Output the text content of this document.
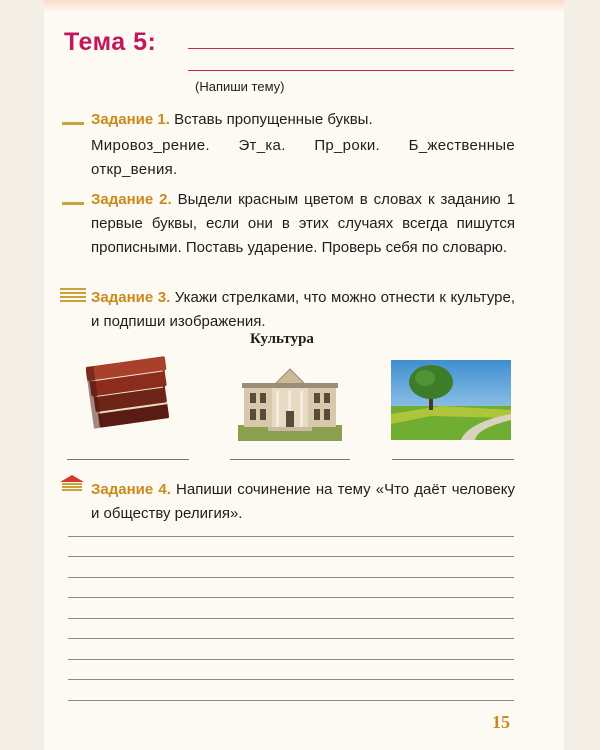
Тема 5:
(Напиши тему)
Задание 1. Вставь пропущенные буквы.
Мировоз_рение. Эт_ка. Пр_роки. Б_жественные откр_вения.
Задание 2. Выдели красным цветом в словах к заданию 1 первые буквы, если они в этих случаях всегда пишутся прописными. Поставь ударение. Проверь себя по словарю.
Задание 3. Укажи стрелками, что можно отнести к культуре, и подпиши изображения.
Культура
Задание 4. Напиши сочинение на тему «Что даёт человеку и обществу религия».
15
